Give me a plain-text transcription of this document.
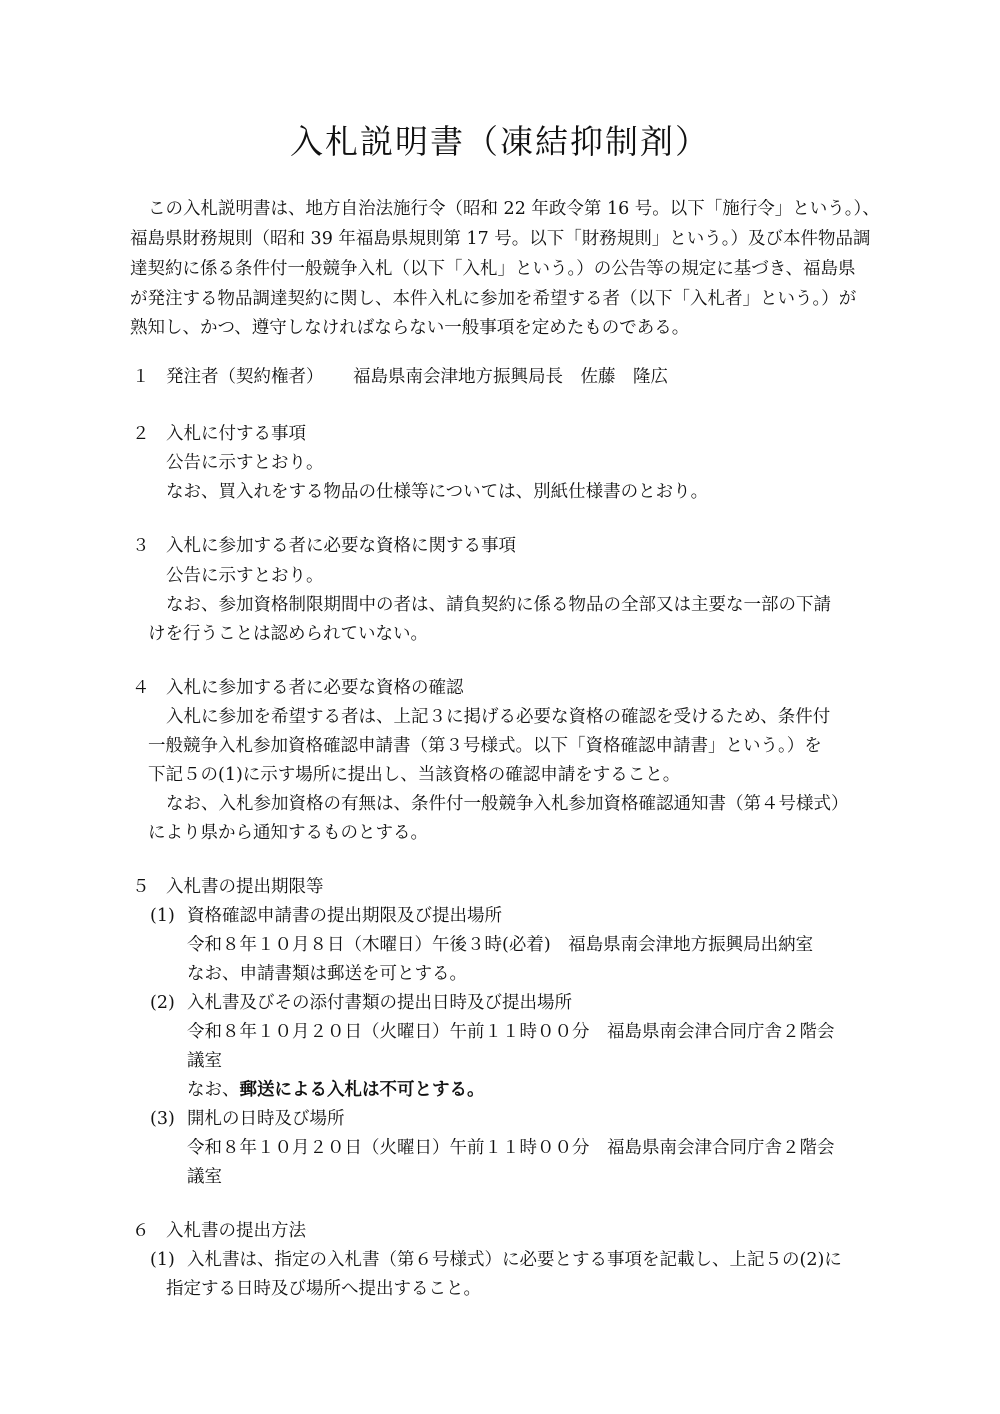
入札説明書（凍結抑制剤）
この入札説明書は、地方自治法施行令（昭和 22 年政令第 16 号。以下「施行令」という。）、
福島県財務規則（昭和 39 年福島県規則第 17 号。以下「財務規則」という。）及び本件物品調
達契約に係る条件付一般競争入札（以下「入札」という。）の公告等の規定に基づき、福島県
が発注する物品調達契約に関し、本件入札に参加を希望する者（以下「入札者」という。）が
熟知し、かつ、遵守しなければならない一般事項を定めたものである。
１ 発注者（契約権者） 福島県南会津地方振興局長　佐藤　隆広
２ 入札に付する事項
公告に示すとおり。
なお、買入れをする物品の仕様等については、別紙仕様書のとおり。
３ 入札に参加する者に必要な資格に関する事項
公告に示すとおり。
なお、参加資格制限期間中の者は、請負契約に係る物品の全部又は主要な一部の下請
けを行うことは認められていない。
４ 入札に参加する者に必要な資格の確認
入札に参加を希望する者は、上記３に掲げる必要な資格の確認を受けるため、条件付
一般競争入札参加資格確認申請書（第３号様式。以下「資格確認申請書」という。）を
下記５の(1)に示す場所に提出し、当該資格の確認申請をすること。
なお、入札参加資格の有無は、条件付一般競争入札参加資格確認通知書（第４号様式）
により県から通知するものとする。
５ 入札書の提出期限等
(1) 資格確認申請書の提出期限及び提出場所
令和８年１０月８日（木曜日）午後３時(必着)　福島県南会津地方振興局出納室
なお、申請書類は郵送を可とする。
(2) 入札書及びその添付書類の提出日時及び提出場所
令和８年１０月２０日（火曜日）午前１１時００分　福島県南会津合同庁舎２階会
議室
なお、郵送による入札は不可とする。
(3) 開札の日時及び場所
令和８年１０月２０日（火曜日）午前１１時００分　福島県南会津合同庁舎２階会
議室
６ 入札書の提出方法
(1) 入札書は、指定の入札書（第６号様式）に必要とする事項を記載し、上記５の(2)に
指定する日時及び場所へ提出すること。
